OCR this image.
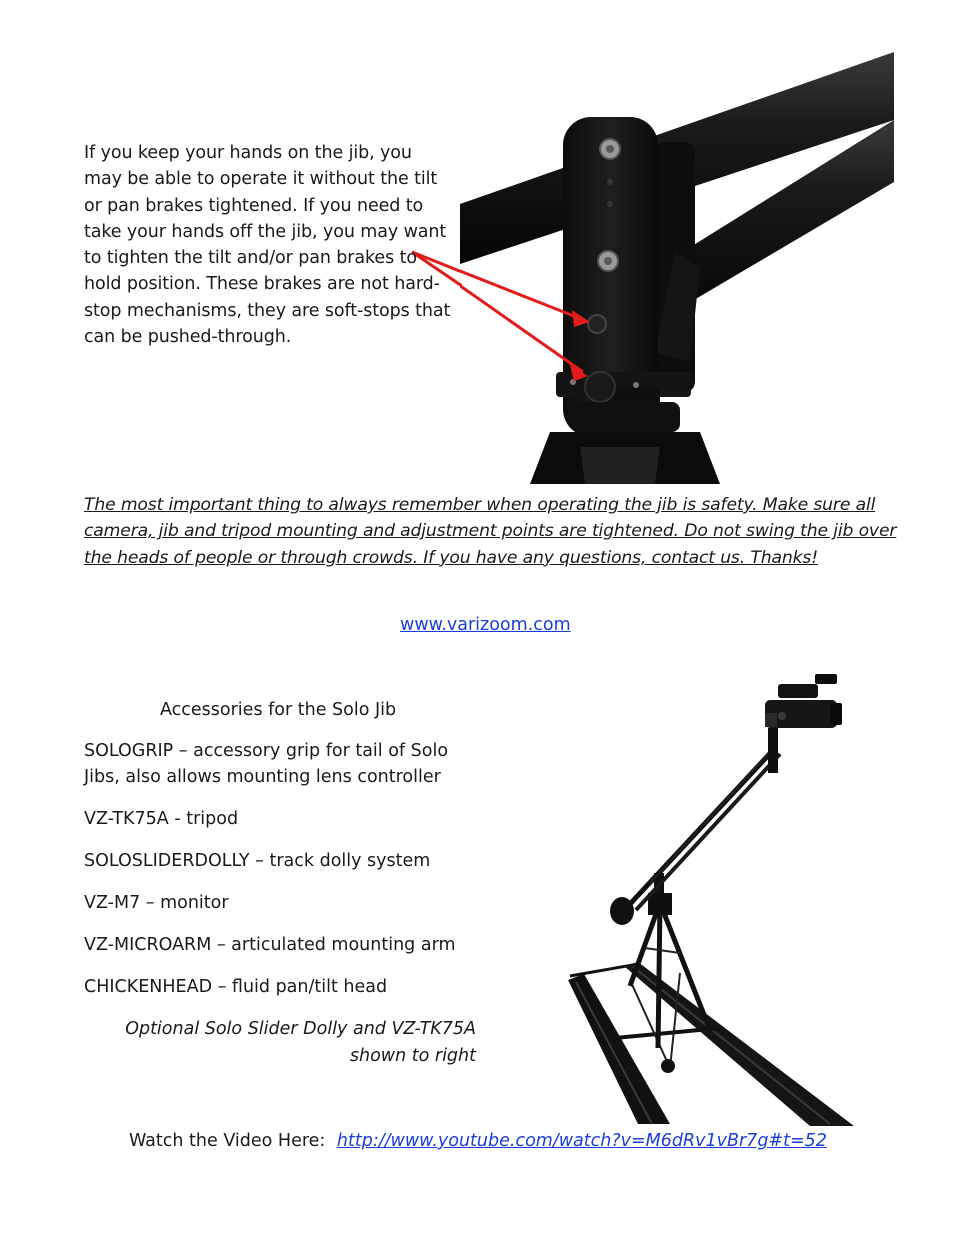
If you keep your hands on the jib, you may be able to operate it without the tilt or pan brakes tightened. If you need to take your hands off the jib, you may want to tighten the tilt and/or pan brakes to hold position. These brakes are not hard-stop mechanisms, they are soft-stops that can be pushed-through.

The most important thing to always remember when operating the jib is safety. Make sure all camera, jib and tripod mounting and adjustment points are tightened. Do not swing the jib over the heads of people or through crowds. If you have any questions, contact us. Thanks!

www.varizoom.com
Accessories for the Solo Jib
SOLOGRIP – accessory grip for tail of Solo Jibs, also allows mounting lens controller
VZ-TK75A - tripod
SOLOSLIDERDOLLY – track dolly system
VZ-M7 – monitor
VZ-MICROARM – articulated mounting arm
CHICKENHEAD – fluid pan/tilt head
Optional Solo Slider Dolly and VZ-TK75A shown to right
Watch the Video Here: http://www.youtube.com/watch?v=M6dRv1vBr7g#t=52
